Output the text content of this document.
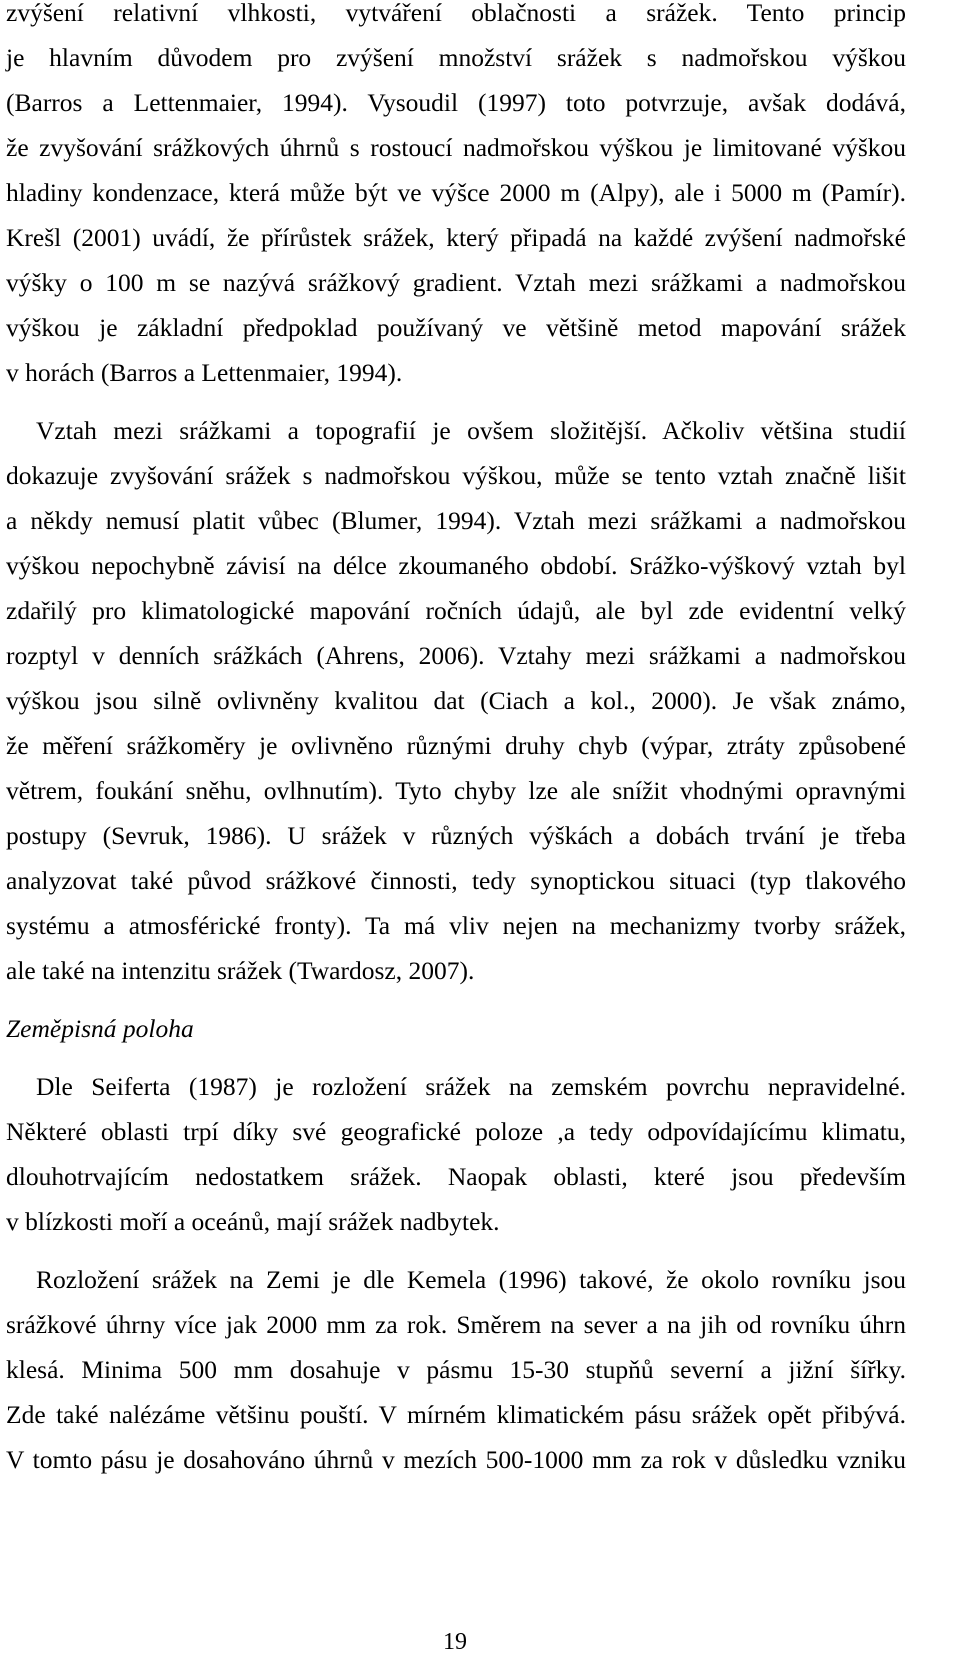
zvýšení relativní vlhkosti, vytváření oblačnosti a srážek. Tento princip
je hlavním důvodem pro zvýšení množství srážek s nadmořskou výškou
(Barros a Lettenmaier, 1994). Vysoudil (1997) toto potvrzuje, avšak dodává,
že zvyšování srážkových úhrnů s rostoucí nadmořskou výškou je limitované výškou
hladiny kondenzace, která může být ve výšce 2000 m (Alpy), ale i 5000 m (Pamír).
Krešl (2001) uvádí, že přírůstek srážek, který připadá na každé zvýšení nadmořské
výšky o 100 m se nazývá srážkový gradient. Vztah mezi srážkami a nadmořskou
výškou je základní předpoklad používaný ve většině metod mapování srážek
v horách (Barros a Lettenmaier, 1994).
Vztah mezi srážkami a topografií je ovšem složitější. Ačkoliv většina studií
dokazuje zvyšování srážek s nadmořskou výškou, může se tento vztah značně lišit
a někdy nemusí platit vůbec (Blumer, 1994). Vztah mezi srážkami a nadmořskou
výškou nepochybně závisí na délce zkoumaného období. Srážko-výškový vztah byl
zdařilý pro klimatologické mapování ročních údajů, ale byl zde evidentní velký
rozptyl v denních srážkách (Ahrens, 2006). Vztahy mezi srážkami a nadmořskou
výškou jsou silně ovlivněny kvalitou dat (Ciach a kol., 2000). Je však známo,
že měření srážkoměry je ovlivněno různými druhy chyb (výpar, ztráty způsobené
větrem, foukání sněhu, ovlhnutím). Tyto chyby lze ale snížit vhodnými opravnými
postupy (Sevruk, 1986). U srážek v různých výškách a dobách trvání je třeba
analyzovat také původ srážkové činnosti, tedy synoptickou situaci (typ tlakového
systému a atmosférické fronty). Ta má vliv nejen na mechanizmy tvorby srážek,
ale také na intenzitu srážek (Twardosz, 2007).
Zeměpisná poloha
Dle Seiferta (1987) je rozložení srážek na zemském povrchu nepravidelné.
Některé oblasti trpí díky své geografické poloze ,a tedy odpovídajícímu klimatu,
dlouhotrvajícím nedostatkem srážek. Naopak oblasti, které jsou především
v blízkosti moří a oceánů, mají srážek nadbytek.
Rozložení srážek na Zemi je dle Kemela (1996) takové, že okolo rovníku jsou
srážkové úhrny více jak 2000 mm za rok. Směrem na sever a na jih od rovníku úhrn
klesá. Minima 500 mm dosahuje v pásmu 15-30 stupňů severní a jižní šířky.
Zde také nalézáme většinu pouští. V mírném klimatickém pásu srážek opět přibývá.
V tomto pásu je dosahováno úhrnů v mezích 500-1000 mm za rok v důsledku vzniku
19
